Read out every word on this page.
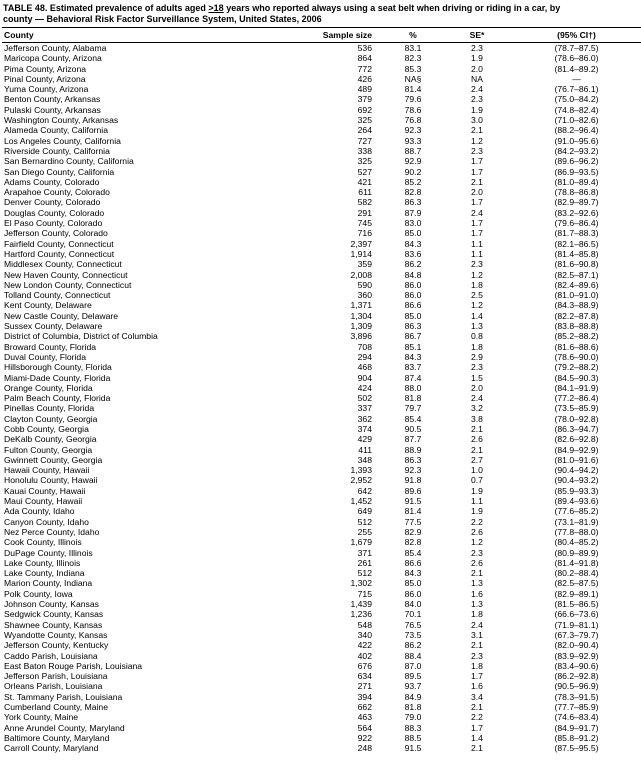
TABLE 48. Estimated prevalence of adults aged >18 years who reported always using a seat belt when driving or riding in a car, by
county — Behavioral Risk Factor Surveillance System, United States, 2006
County	Sample size	%	SE*	(95% CI†)
Jefferson County, Alabama	536	83.1	2.3	(78.7–87.5)
Maricopa County, Arizona	864	82.3	1.9	(78.6–86.0)
Pima County, Arizona	772	85.3	2.0	(81.4–89.2)
Pinal County, Arizona	426	NA§	NA	—
Yuma County, Arizona	489	81.4	2.4	(76.7–86.1)
Benton County, Arkansas	379	79.6	2.3	(75.0–84.2)
Pulaski County, Arkansas	692	78.6	1.9	(74.8–82.4)
Washington County, Arkansas	325	76.8	3.0	(71.0–82.6)
Alameda County, California	264	92.3	2.1	(88.2–96.4)
Los Angeles County, California	727	93.3	1.2	(91.0–95.6)
Riverside County, California	338	88.7	2.3	(84.2–93.2)
San Bernardino County, California	325	92.9	1.7	(89.6–96.2)
San Diego County, California	527	90.2	1.7	(86.9–93.5)
Adams County, Colorado	421	85.2	2.1	(81.0–89.4)
Arapahoe County, Colorado	611	82.8	2.0	(78.8–86.8)
Denver County, Colorado	582	86.3	1.7	(82.9–89.7)
Douglas County, Colorado	291	87.9	2.4	(83.2–92.6)
El Paso County, Colorado	745	83.0	1.7	(79.6–86.4)
Jefferson County, Colorado	716	85.0	1.7	(81.7–88.3)
Fairfield County, Connecticut	2,397	84.3	1.1	(82.1–86.5)
Hartford County, Connecticut	1,914	83.6	1.1	(81.4–85.8)
Middlesex County, Connecticut	359	86.2	2.3	(81.6–90.8)
New Haven County, Connecticut	2,008	84.8	1.2	(82.5–87.1)
New London County, Connecticut	590	86.0	1.8	(82.4–89.6)
Tolland County, Connecticut	360	86.0	2.5	(81.0–91.0)
Kent County, Delaware	1,371	86.6	1.2	(84.3–88.9)
New Castle County, Delaware	1,304	85.0	1.4	(82.2–87.8)
Sussex County, Delaware	1,309	86.3	1.3	(83.8–88.8)
District of Columbia, District of Columbia	3,896	86.7	0.8	(85.2–88.2)
Broward County, Florida	708	85.1	1.8	(81.6–88.6)
Duval County, Florida	294	84.3	2.9	(78.6–90.0)
Hillsborough County, Florida	468	83.7	2.3	(79.2–88.2)
Miami-Dade County, Florida	904	87.4	1.5	(84.5–90.3)
Orange County, Florida	424	88.0	2.0	(84.1–91.9)
Palm Beach County, Florida	502	81.8	2.4	(77.2–86.4)
Pinellas County, Florida	337	79.7	3.2	(73.5–85.9)
Clayton County, Georgia	362	85.4	3.8	(78.0–92.8)
Cobb County, Georgia	374	90.5	2.1	(86.3–94.7)
DeKalb County, Georgia	429	87.7	2.6	(82.6–92.8)
Fulton County, Georgia	411	88.9	2.1	(84.9–92.9)
Gwinnett County, Georgia	348	86.3	2.7	(81.0–91.6)
Hawaii County, Hawaii	1,393	92.3	1.0	(90.4–94.2)
Honolulu County, Hawaii	2,952	91.8	0.7	(90.4–93.2)
Kauai County, Hawaii	642	89.6	1.9	(85.9–93.3)
Maui County, Hawaii	1,452	91.5	1.1	(89.4–93.6)
Ada County, Idaho	649	81.4	1.9	(77.6–85.2)
Canyon County, Idaho	512	77.5	2.2	(73.1–81.9)
Nez Perce County, Idaho	255	82.9	2.6	(77.8–88.0)
Cook County, Illinois	1,679	82.8	1.2	(80.4–85.2)
DuPage County, Illinois	371	85.4	2.3	(80.9–89.9)
Lake County, Illinois	261	86.6	2.6	(81.4–91.8)
Lake County, Indiana	512	84.3	2.1	(80.2–88.4)
Marion County, Indiana	1,302	85.0	1.3	(82.5–87.5)
Polk County, Iowa	715	86.0	1.6	(82.9–89.1)
Johnson County, Kansas	1,439	84.0	1.3	(81.5–86.5)
Sedgwick County, Kansas	1,236	70.1	1.8	(66.6–73.6)
Shawnee County, Kansas	548	76.5	2.4	(71.9–81.1)
Wyandotte County, Kansas	340	73.5	3.1	(67.3–79.7)
Jefferson County, Kentucky	422	86.2	2.1	(82.0–90.4)
Caddo Parish, Louisiana	402	88.4	2.3	(83.9–92.9)
East Baton Rouge Parish, Louisiana	676	87.0	1.8	(83.4–90.6)
Jefferson Parish, Louisiana	634	89.5	1.7	(86.2–92.8)
Orleans Parish, Louisiana	271	93.7	1.6	(90.5–96.9)
St. Tammany Parish, Louisiana	394	84.9	3.4	(78.3–91.5)
Cumberland County, Maine	662	81.8	2.1	(77.7–85.9)
York County, Maine	463	79.0	2.2	(74.6–83.4)
Anne Arundel County, Maryland	564	88.3	1.7	(84.9–91.7)
Baltimore County, Maryland	922	88.5	1.4	(85.8–91.2)
Carroll County, Maryland	248	91.5	2.1	(87.5–95.5)
